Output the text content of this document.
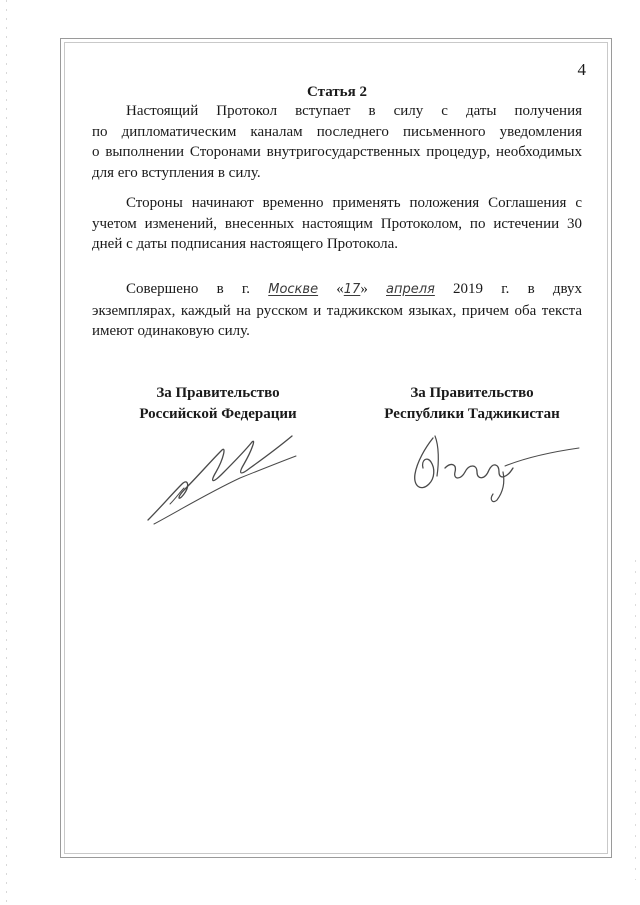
4
Статья 2
Настоящий Протокол вступает в силу с даты получения
по дипломатическим каналам последнего письменного уведомления
о выполнении Сторонами внутригосударственных процедур, необходимых
для его вступления в силу.
Стороны начинают временно применять положения Соглашения с
учетом изменений, внесенных настоящим Протоколом, по истечении 30
дней с даты подписания настоящего Протокола.
Совершено в г. Москве «17» апреля 2019 г. в двух
экземплярах, каждый на русском и таджикском языках, причем оба текста
имеют одинаковую силу.
За Правительство
Российской Федерации
За Правительство
Республики Таджикистан
